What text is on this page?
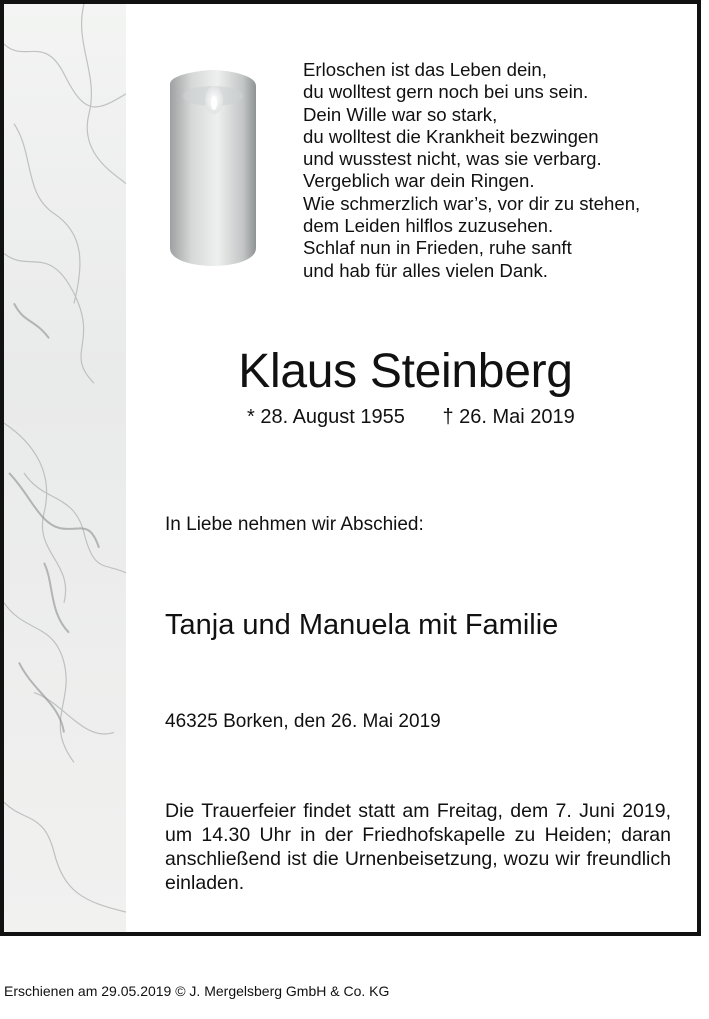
Erloschen ist das Leben dein,
du wolltest gern noch bei uns sein.
Dein Wille war so stark,
du wolltest die Krankheit bezwingen
und wusstest nicht, was sie verbarg.
Vergeblich war dein Ringen.
Wie schmerzlich war’s, vor dir zu stehen,
dem Leiden hilflos zuzusehen.
Schlaf nun in Frieden, ruhe sanft
und hab für alles vielen Dank.
Klaus Steinberg
* 28. August 1955 † 26. Mai 2019
In Liebe nehmen wir Abschied:
Tanja und Manuela mit Familie
46325 Borken, den 26. Mai 2019
Die Trauerfeier findet statt am Freitag, dem 7. Juni 2019, um 14.30 Uhr in der Friedhofskapelle zu Heiden; daran anschließend ist die Urnenbeisetzung, wozu wir freundlich einladen.
Erschienen am 29.05.2019 © J. Mergelsberg GmbH & Co. KG
